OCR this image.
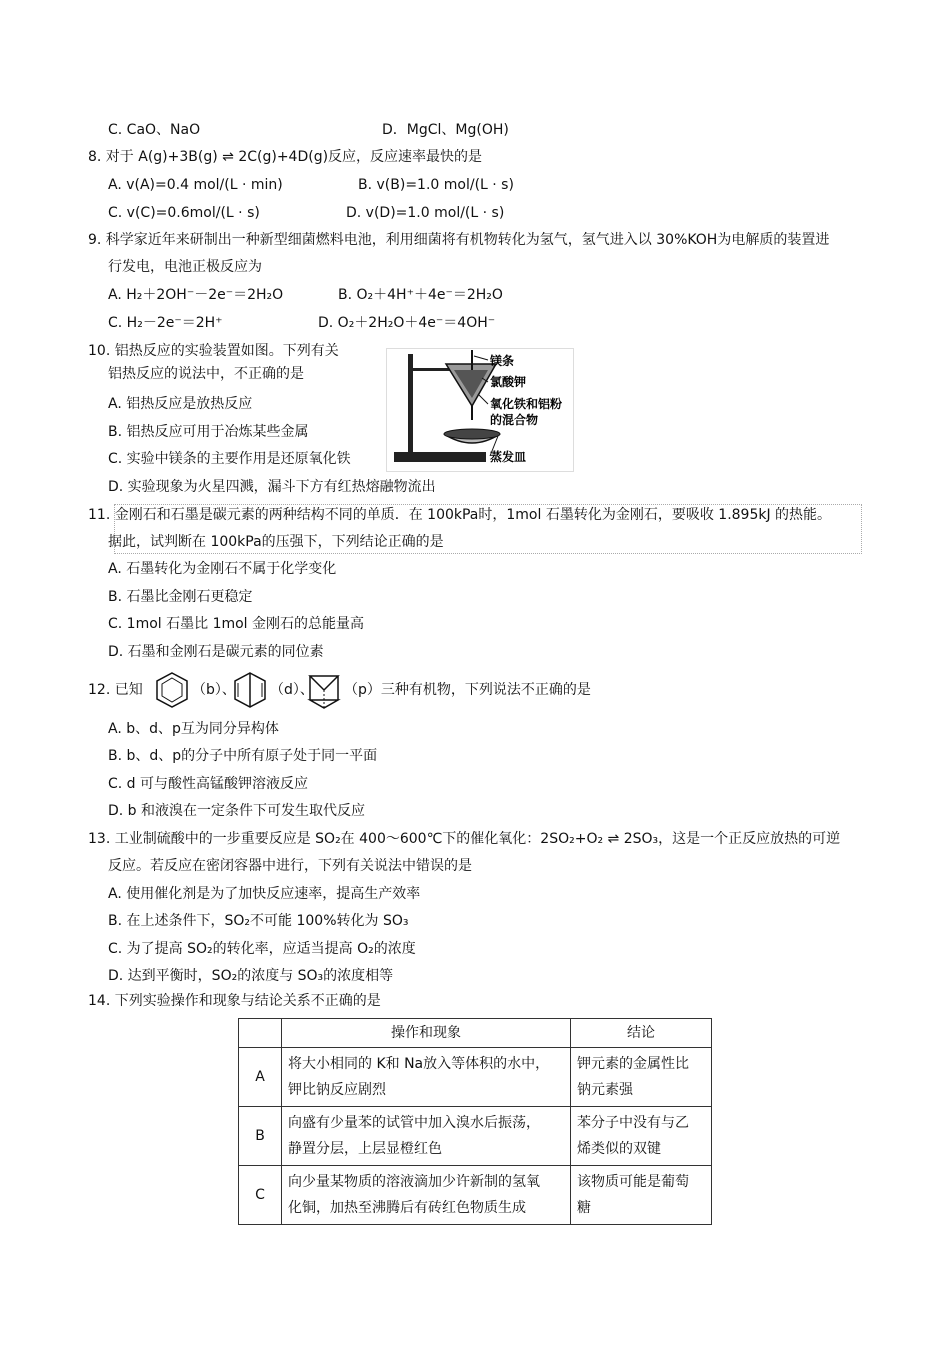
C. CaO、NaO	D．MgCl、Mg(OH)
8. 对于 A(g)+3B(g) ⇌ 2C(g)+4D(g)反应，反应速率最快的是
A. v(A)=0.4 mol/(L · min)	B. v(B)=1.0 mol/(L · s)
C. v(C)=0.6mol/(L · s)	D. v(D)=1.0 mol/(L · s)
9. 科学家近年来研制出一种新型细菌燃料电池，利用细菌将有机物转化为氢气，氢气进入以 30%KOH为电解质的装置进
行发电，电池正极反应为
A. H₂＋2OH⁻－2e⁻＝2H₂O	B. O₂＋4H⁺＋4e⁻＝2H₂O
C. H₂－2e⁻＝2H⁺	D. O₂＋2H₂O＋4e⁻＝4OH⁻
10. 铝热反应的实验装置如图。下列有关
铝热反应的说法中，不正确的是
A. 铝热反应是放热反应
B. 铝热反应可用于冶炼某些金属
C. 实验中镁条的主要作用是还原氧化铁
D. 实验现象为火星四溅，漏斗下方有红热熔融物流出
镁条
氯酸钾
氧化铁和铝粉
的混合物
蒸发皿
11. 金刚石和石墨是碳元素的两种结构不同的单质．在 100kPa时，1mol 石墨转化为金刚石，要吸收 1.895kJ 的热能。
据此，试判断在 100kPa的压强下，下列结论正确的是
A. 石墨转化为金刚石不属于化学变化
B. 石墨比金刚石更稳定
C. 1mol 石墨比 1mol 金刚石的总能量高
D. 石墨和金刚石是碳元素的同位素
12. 已知	（b）、 （d）、 （p）三种有机物，下列说法不正确的是
A. b、d、p互为同分异构体
B. b、d、p的分子中所有原子处于同一平面
C. d 可与酸性高锰酸钾溶液反应
D. b 和液溴在一定条件下可发生取代反应
13. 工业制硫酸中的一步重要反应是 SO₂在 400～600℃下的催化氧化：2SO₂+O₂ ⇌ 2SO₃，这是一个正反应放热的可逆
反应。若反应在密闭容器中进行，下列有关说法中错误的是
A. 使用催化剂是为了加快反应速率，提高生产效率
B. 在上述条件下，SO₂不可能 100%转化为 SO₃
C. 为了提高 SO₂的转化率，应适当提高 O₂的浓度
D. 达到平衡时，SO₂的浓度与 SO₃的浓度相等
14. 下列实验操作和现象与结论关系不正确的是
	操作和现象	结论
A	将大小相同的 K和 Na放入等体积的水中，
钾比钠反应剧烈	钾元素的金属性比
钠元素强
B	向盛有少量苯的试管中加入溴水后振荡，
静置分层，上层显橙红色	苯分子中没有与乙
烯类似的双键
C	向少量某物质的溶液滴加少许新制的氢氧
化铜，加热至沸腾后有砖红色物质生成	该物质可能是葡萄
糖
